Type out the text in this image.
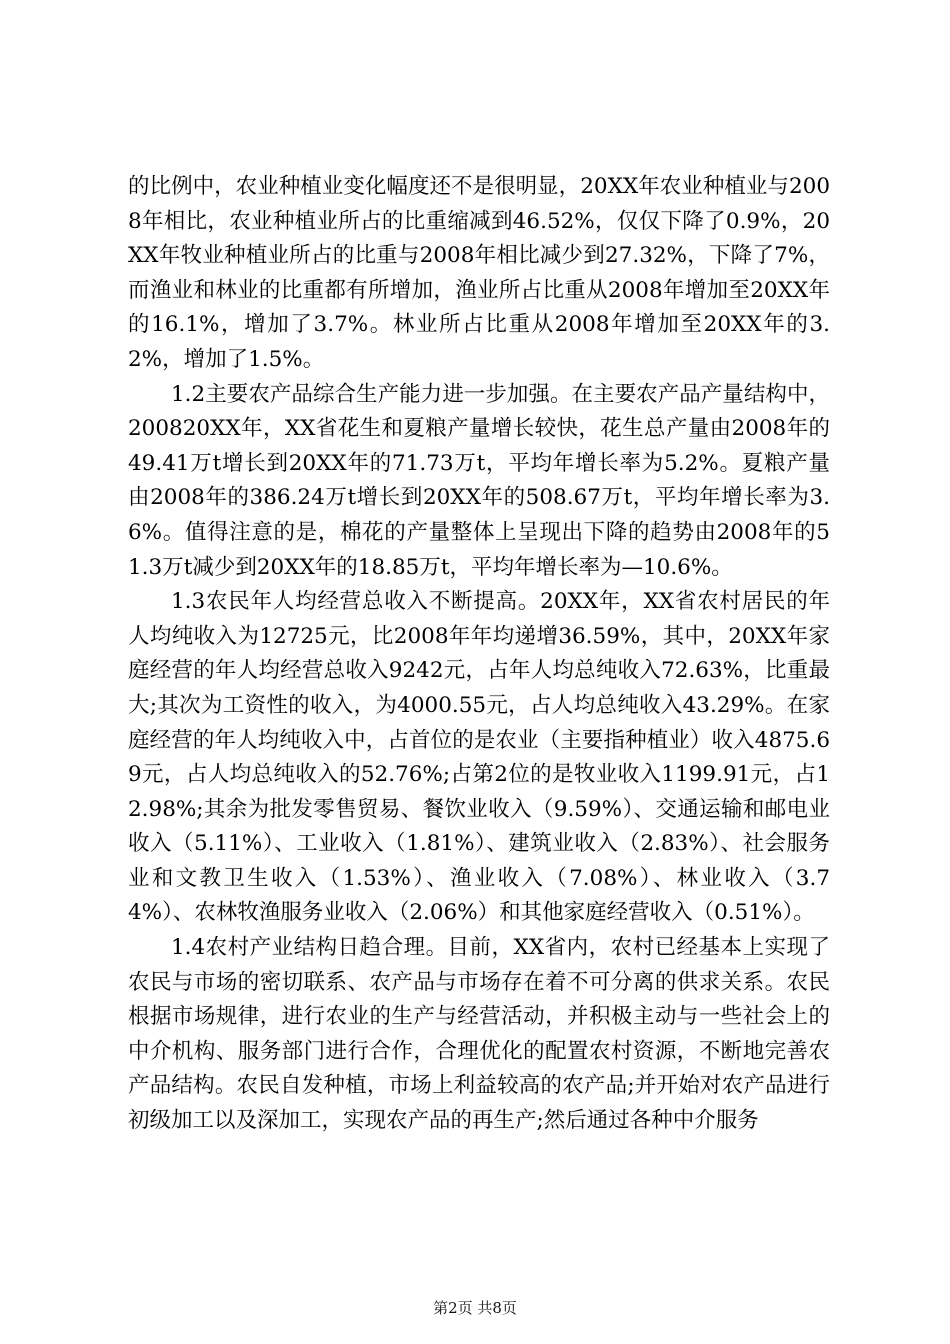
的比例中，农业种植业变化幅度还不是很明显，20XX年农业种植业与2008年相比，农业种植业所占的比重缩减到46.52%，仅仅下降了0.9%，20XX年牧业种植业所占的比重与2008年相比减少到27.32%，下降了7%，而渔业和林业的比重都有所增加，渔业所占比重从2008年增加至20XX年的16.1%，增加了3.7%。林业所占比重从2008年增加至20XX年的3.2%，增加了1.5%。

1.2主要农产品综合生产能力进一步加强。在主要农产品产量结构中，200820XX年，XX省花生和夏粮产量增长较快，花生总产量由2008年的49.41万t增长到20XX年的71.73万t，平均年增长率为5.2%。夏粮产量由2008年的386.24万t增长到20XX年的508.67万t，平均年增长率为3.6%。值得注意的是，棉花的产量整体上呈现出下降的趋势由2008年的51.3万t减少到20XX年的18.85万t，平均年增长率为—10.6%。

1.3农民年人均经营总收入不断提高。20XX年，XX省农村居民的年人均纯收入为12725元，比2008年年均递增36.59%，其中，20XX年家庭经营的年人均经营总收入9242元，占年人均总纯收入72.63%，比重最大;其次为工资性的收入，为4000.55元，占人均总纯收入43.29%。在家庭经营的年人均纯收入中，占首位的是农业（主要指种植业）收入4875.69元，占人均总纯收入的52.76%;占第2位的是牧业收入1199.91元，占12.98%;其余为批发零售贸易、餐饮业收入（9.59%）、交通运输和邮电业收入（5.11%）、工业收入（1.81%）、建筑业收入（2.83%）、社会服务业和文教卫生收入（1.53%）、渔业收入（7.08%）、林业收入（3.74%）、农林牧渔服务业收入（2.06%）和其他家庭经营收入（0.51%）。

1.4农村产业结构日趋合理。目前，XX省内，农村已经基本上实现了农民与市场的密切联系、农产品与市场存在着不可分离的供求关系。农民根据市场规律，进行农业的生产与经营活动，并积极主动与一些社会上的中介机构、服务部门进行合作，合理优化的配置农村资源，不断地完善农产品结构。农民自发种植，市场上利益较高的农产品;并开始对农产品进行初级加工以及深加工，实现农产品的再生产;然后通过各种中介服务

第2页 共8页
